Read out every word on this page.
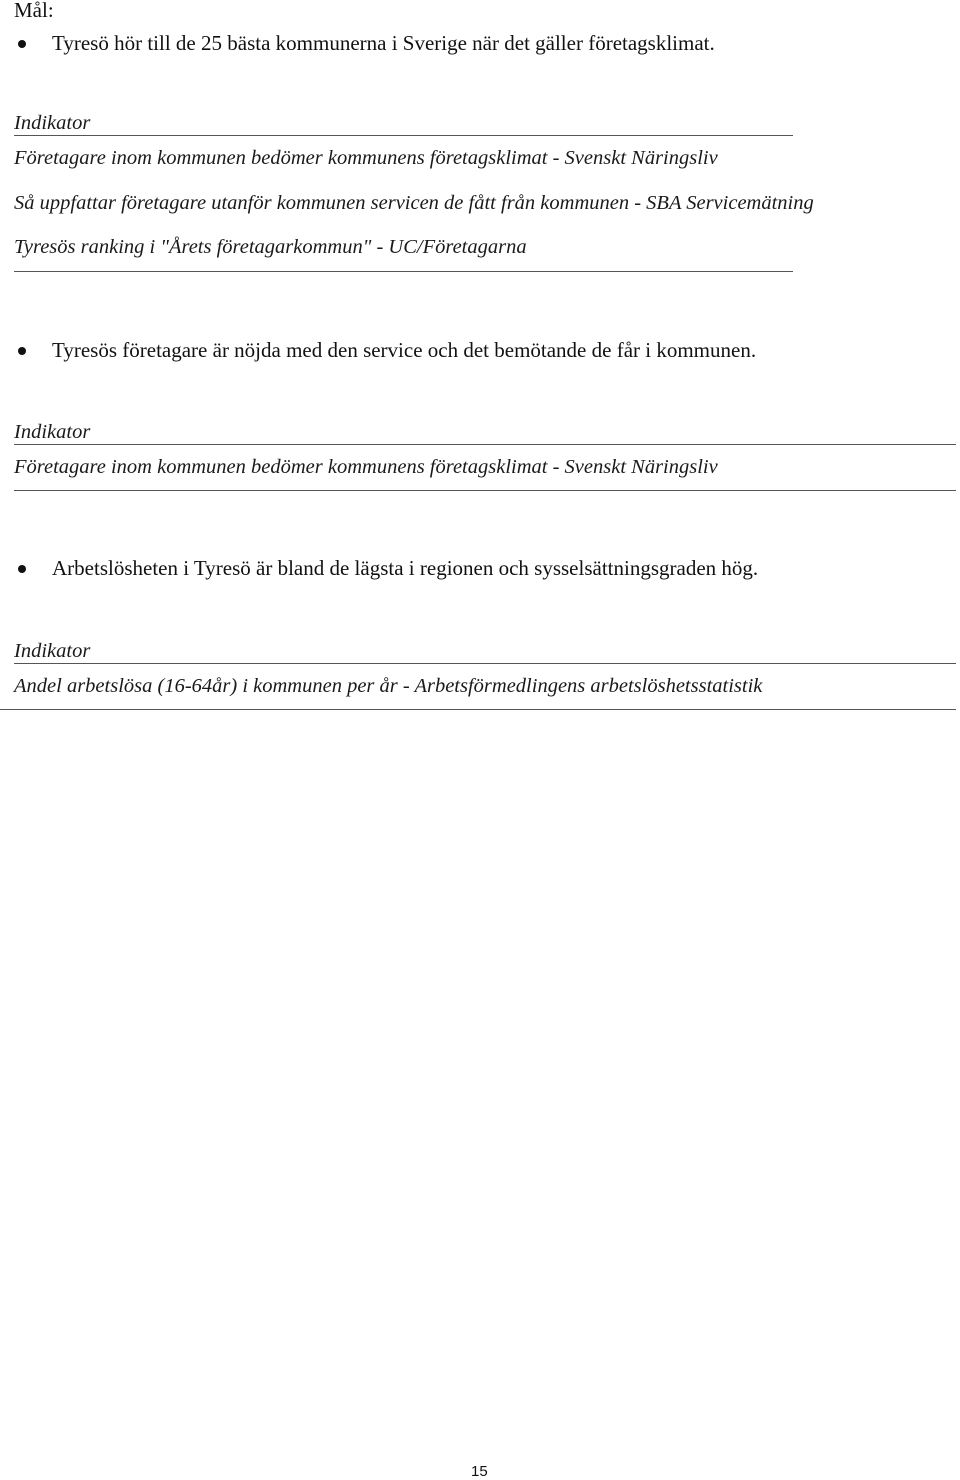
Mål:
Tyresö hör till de 25 bästa kommunerna i Sverige när det gäller företagsklimat.
Indikator
Företagare inom kommunen bedömer kommunens företagsklimat - Svenskt Näringsliv
Så uppfattar företagare utanför kommunen servicen de fått från kommunen - SBA Servicemätning
Tyresös ranking i "Årets företagarkommun" - UC/Företagarna
Tyresös företagare är nöjda med den service och det bemötande de får i kommunen.
Indikator
Företagare inom kommunen bedömer kommunens företagsklimat - Svenskt Näringsliv
Arbetslösheten i Tyresö är bland de lägsta i regionen och sysselsättningsgraden hög.
Indikator
Andel arbetslösa (16-64år) i kommunen per år - Arbetsförmedlingens arbetslöshetsstatistik
15
